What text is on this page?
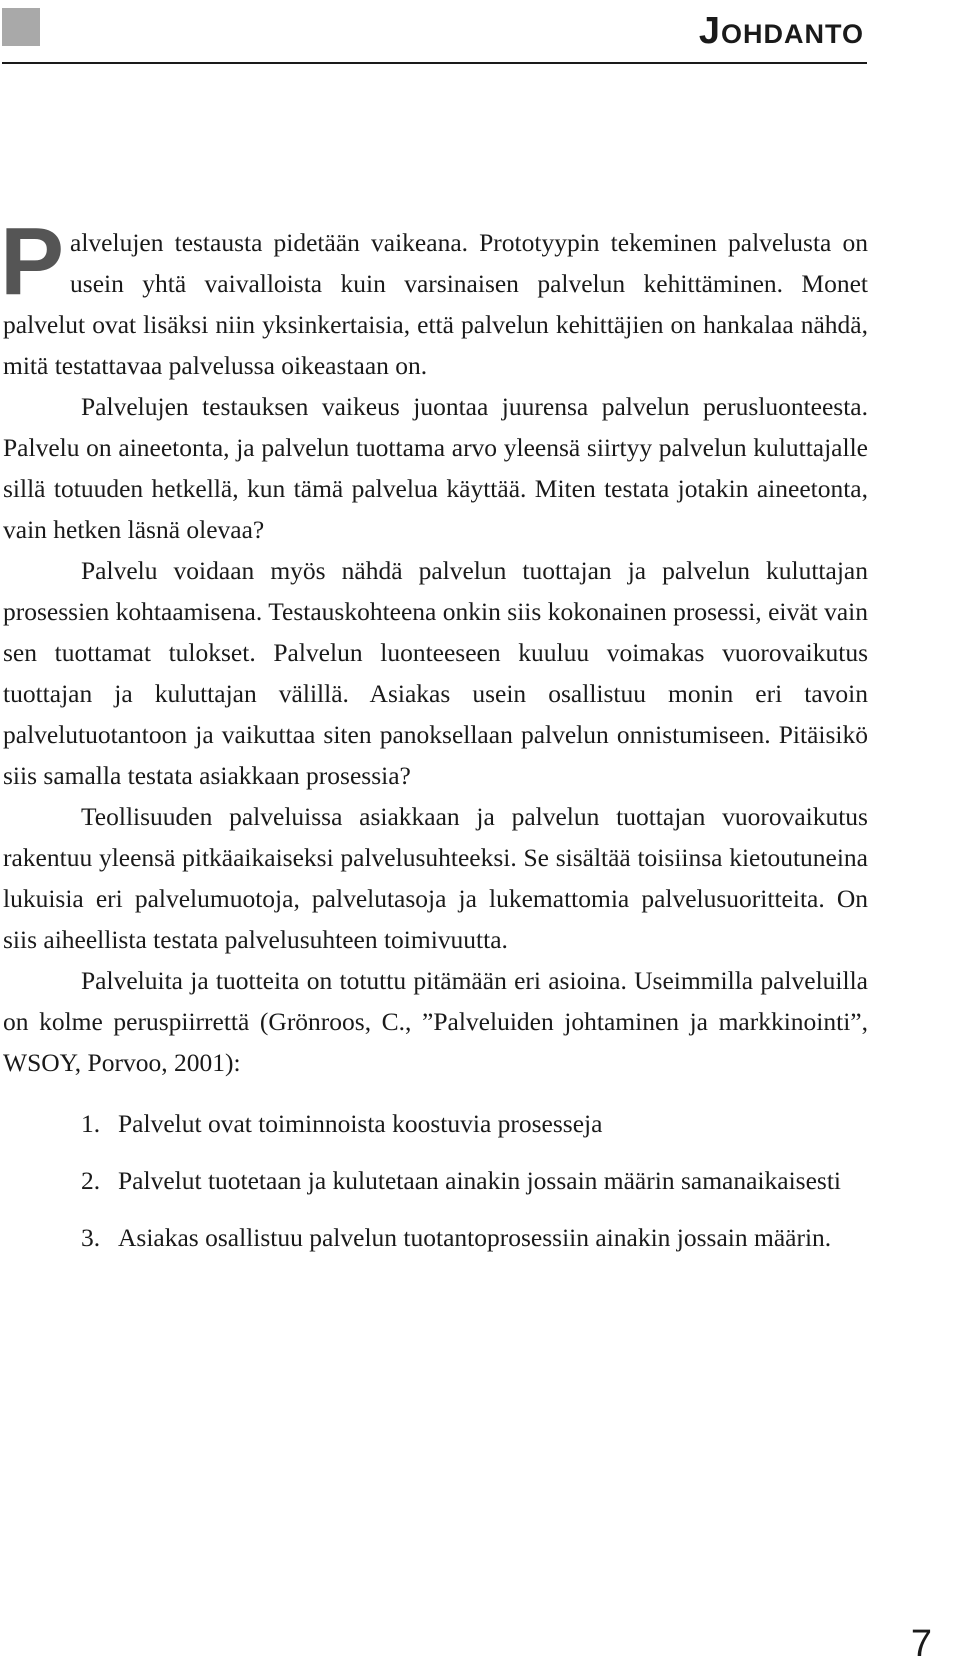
Johdanto

Palvelujen testausta pidetään vaikeana. Prototyypin tekeminen palvelusta on usein yhtä vaivalloista kuin varsinaisen palvelun kehittäminen. Monet palvelut ovat lisäksi niin yksinkertaisia, että palvelun kehittäjien on hankalaa nähdä, mitä testattavaa palvelussa oikeastaan on.

Palvelujen testauksen vaikeus juontaa juurensa palvelun perusluonteesta. Palvelu on aineetonta, ja palvelun tuottama arvo yleensä siirtyy palvelun kuluttajalle sillä totuuden hetkellä, kun tämä palvelua käyttää. Miten testata jotakin aineetonta, vain hetken läsnä olevaa?

Palvelu voidaan myös nähdä palvelun tuottajan ja palvelun kuluttajan prosessien kohtaamisena. Testauskohteena onkin siis kokonainen prosessi, eivät vain sen tuottamat tulokset. Palvelun luonteeseen kuuluu voimakas vuorovaikutus tuottajan ja kuluttajan välillä. Asiakas usein osallistuu monin eri tavoin palvelutuotantoon ja vaikuttaa siten panoksellaan palvelun onnistumiseen. Pitäisikö siis samalla testata asiakkaan prosessia?

Teollisuuden palveluissa asiakkaan ja palvelun tuottajan vuorovaikutus rakentuu yleensä pitkäaikaiseksi palvelusuhteeksi. Se sisältää toisiinsa kietoutuneina lukuisia eri palvelumuotoja, palvelutasoja ja lukemattomia palvelusuoritteita. On siis aiheellista testata palvelusuhteen toimivuutta.

Palveluita ja tuotteita on totuttu pitämään eri asioina. Useimmilla palveluilla on kolme peruspiirrettä (Grönroos, C., ”Palveluiden johtaminen ja markkinointi”, WSOY, Porvoo, 2001):

1. Palvelut ovat toiminnoista koostuvia prosesseja
2. Palvelut tuotetaan ja kulutetaan ainakin jossain määrin samanaikaisesti
3. Asiakas osallistuu palvelun tuotantoprosessiin ainakin jossain määrin.
7
